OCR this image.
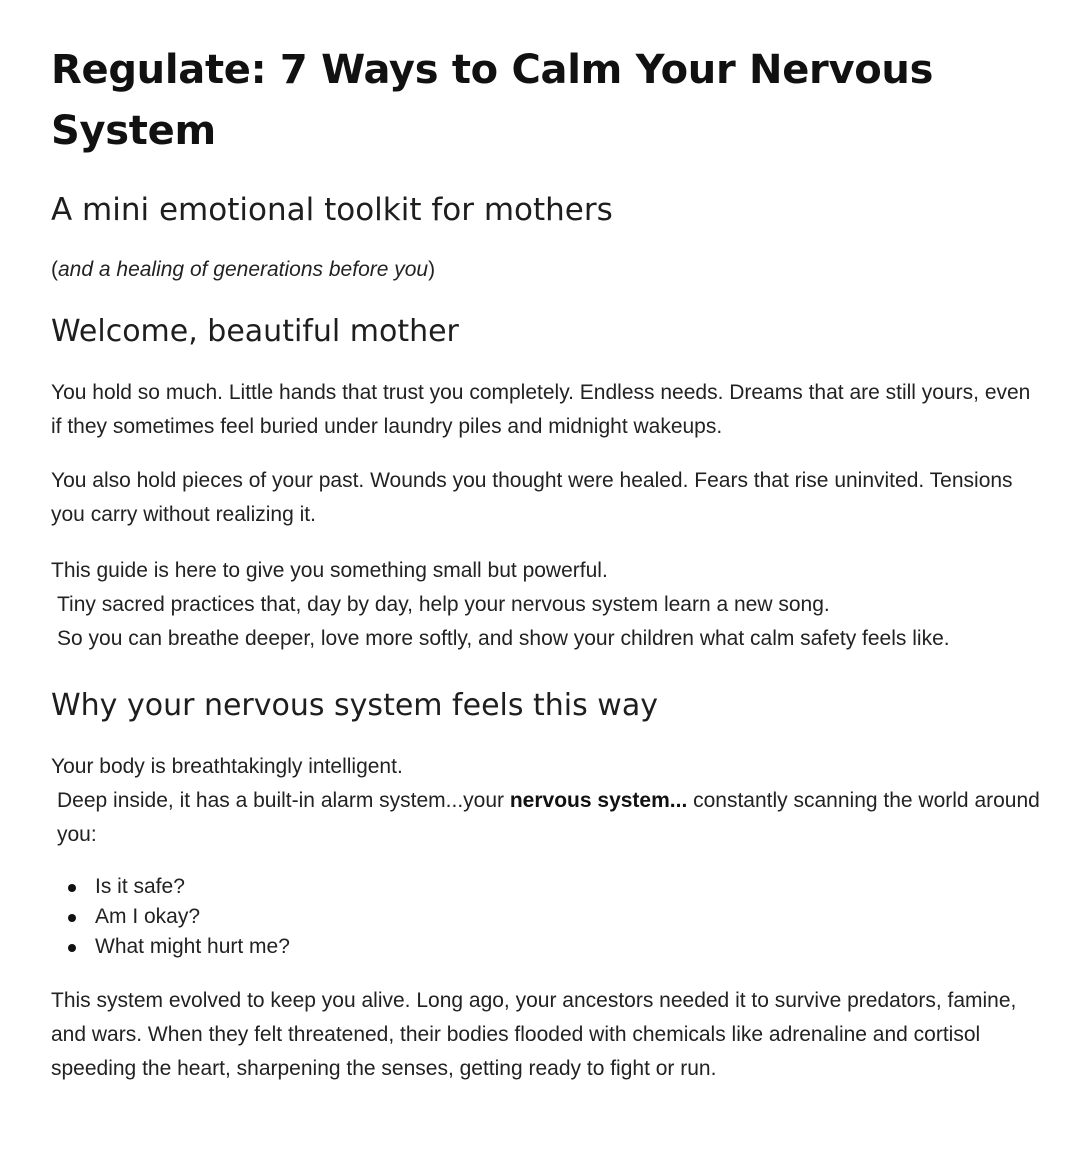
Regulate: 7 Ways to Calm Your Nervous System
A mini emotional toolkit for mothers
(and a healing of generations before you)
Welcome, beautiful mother

You hold so much. Little hands that trust you completely. Endless needs. Dreams that are still yours, even if they sometimes feel buried under laundry piles and midnight wakeups.

You also hold pieces of your past. Wounds you thought were healed. Fears that rise uninvited. Tensions you carry without realizing it.

This guide is here to give you something small but powerful.
Tiny sacred practices that, day by day, help your nervous system learn a new song.
So you can breathe deeper, love more softly, and show your children what calm safety feels like.

Why your nervous system feels this way

Your body is breathtakingly intelligent.
Deep inside, it has a built-in alarm system...your nervous system... constantly scanning the world around you:

Is it safe?
Am I okay?
What might hurt me?

This system evolved to keep you alive. Long ago, your ancestors needed it to survive predators, famine, and wars. When they felt threatened, their bodies flooded with chemicals like adrenaline and cortisol speeding the heart, sharpening the senses, getting ready to fight or run.
